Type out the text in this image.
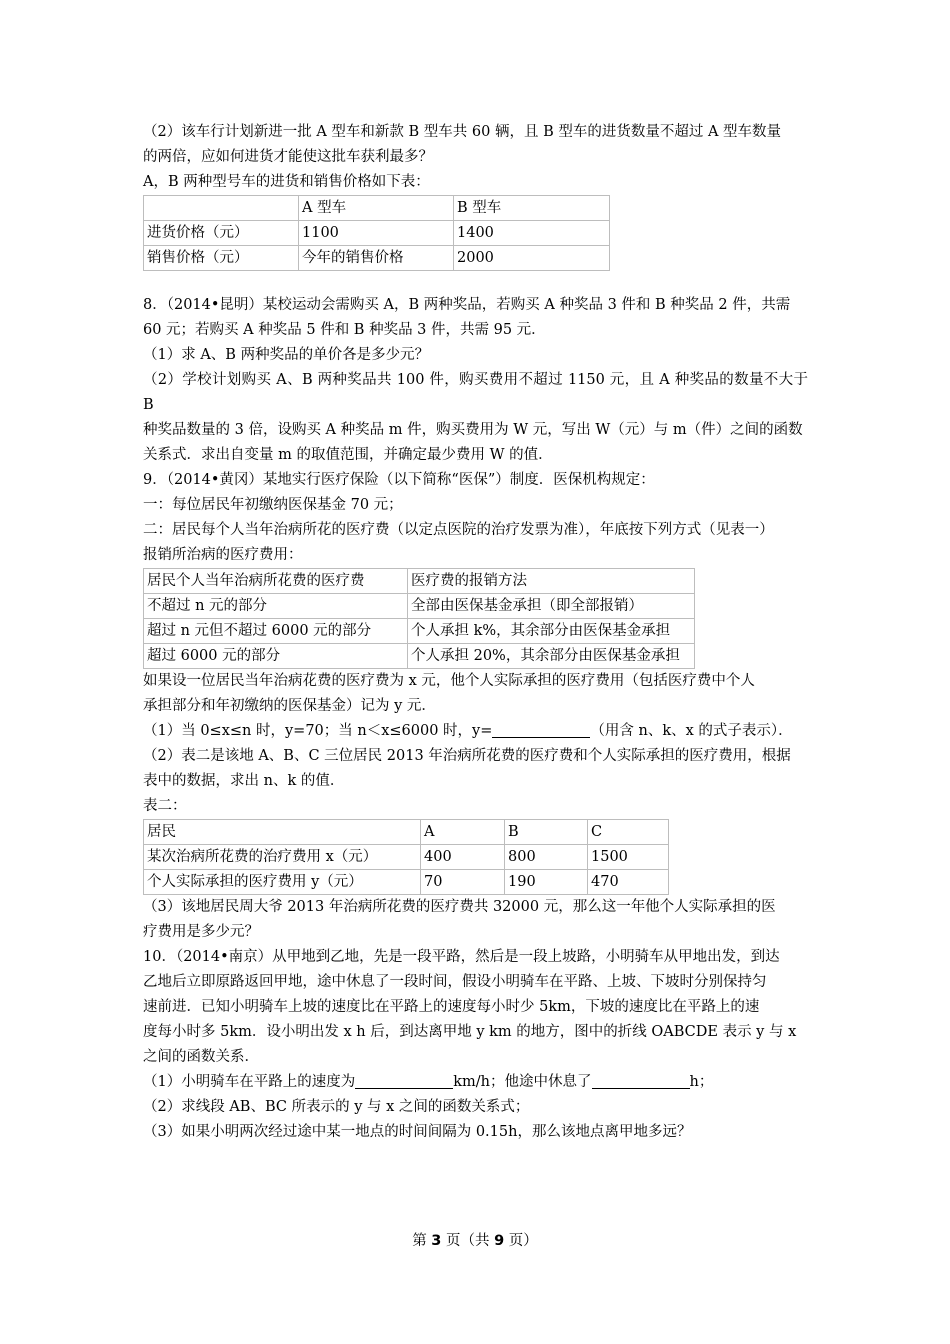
（2）该车行计划新进一批 A 型车和新款 B 型车共 60 辆，且 B 型车的进货数量不超过 A 型车数量

的两倍，应如何进货才能使这批车获利最多？

A，B 两种型号车的进货和销售价格如下表：

	A 型车	B 型车
进货价格（元）	1100	1400
销售价格（元）	今年的销售价格	2000

8．（2014•昆明）某校运动会需购买 A，B 两种奖品，若购买 A 种奖品 3 件和 B 种奖品 2 件，共需

60 元；若购买 A 种奖品 5 件和 B 种奖品 3 件，共需 95 元．

（1）求 A、B 两种奖品的单价各是多少元？

（2）学校计划购买 A、B 两种奖品共 100 件，购买费用不超过 1150 元，且 A 种奖品的数量不大于 B

种奖品数量的 3 倍，设购买 A 种奖品 m 件，购买费用为 W 元，写出 W（元）与 m（件）之间的函数

关系式．求出自变量 m 的取值范围，并确定最少费用 W 的值．

9．（2014•黄冈）某地实行医疗保险（以下简称“医保”）制度．医保机构规定：

一：每位居民年初缴纳医保基金 70 元；

二：居民每个人当年治病所花的医疗费（以定点医院的治疗发票为准），年底按下列方式（见表一）

报销所治病的医疗费用：

居民个人当年治病所花费的医疗费	医疗费的报销方法
不超过 n 元的部分	全部由医保基金承担（即全部报销）
超过 n 元但不超过 6000 元的部分	个人承担 k%，其余部分由医保基金承担
超过 6000 元的部分	个人承担 20%，其余部分由医保基金承担

如果设一位居民当年治病花费的医疗费为 x 元，他个人实际承担的医疗费用（包括医疗费中个人

承担部分和年初缴纳的医保基金）记为 y 元．

（1）当 0≤x≤n 时，y=70；当 n＜x≤6000 时，y=	（用含 n、k、x 的式子表示）．

（2）表二是该地 A、B、C 三位居民 2013 年治病所花费的医疗费和个人实际承担的医疗费用，根据

表中的数据，求出 n、k 的值．

表二：

居民	A	B	C
某次治病所花费的治疗费用 x（元）	400	800	1500
个人实际承担的医疗费用 y（元）	70	190	470

（3）该地居民周大爷 2013 年治病所花费的医疗费共 32000 元，那么这一年他个人实际承担的医

疗费用是多少元？

10．（2014•南京）从甲地到乙地，先是一段平路，然后是一段上坡路，小明骑车从甲地出发，到达

乙地后立即原路返回甲地，途中休息了一段时间，假设小明骑车在平路、上坡、下坡时分别保持匀

速前进．已知小明骑车上坡的速度比在平路上的速度每小时少 5km，下坡的速度比在平路上的速

度每小时多 5km．设小明出发 x h 后，到达离甲地 y km 的地方，图中的折线 OABCDE 表示 y 与 x

之间的函数关系．

（1）小明骑车在平路上的速度为	km/h；他途中休息了	h；

（2）求线段 AB、BC 所表示的 y 与 x 之间的函数关系式；

（3）如果小明两次经过途中某一地点的时间间隔为 0.15h，那么该地点离甲地多远？

第 3 页（共 9 页）
